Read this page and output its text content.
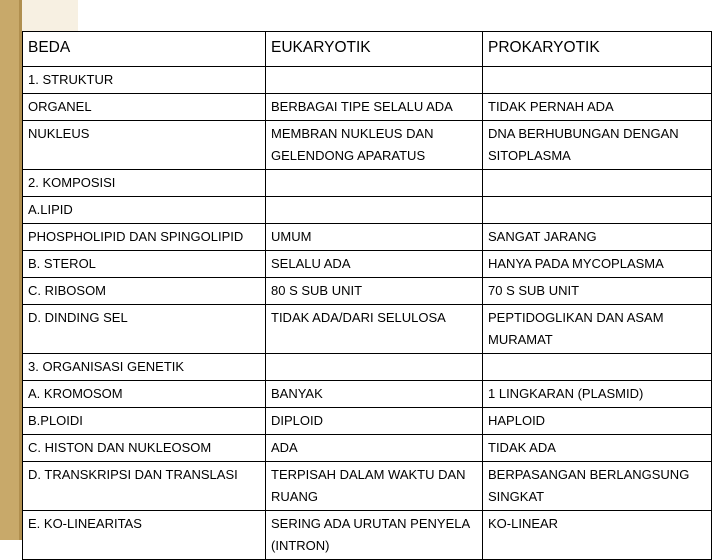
BEDA	EUKARYOTIK	PROKARYOTIK
1. STRUKTUR		
ORGANEL	BERBAGAI TIPE SELALU ADA	TIDAK PERNAH ADA
NUKLEUS	MEMBRAN NUKLEUS DAN GELENDONG APARATUS	DNA BERHUBUNGAN DENGAN SITOPLASMA
2. KOMPOSISI		
A.LIPID		
PHOSPHOLIPID DAN SPINGOLIPID	UMUM	SANGAT JARANG
B. STEROL	SELALU ADA	HANYA PADA MYCOPLASMA
C. RIBOSOM	80 S SUB UNIT	70 S SUB UNIT
D. DINDING SEL	TIDAK ADA/DARI SELULOSA	PEPTIDOGLIKAN DAN ASAM MURAMAT
3. ORGANISASI GENETIK		
A. KROMOSOM	BANYAK	1 LINGKARAN (PLASMID)
B.PLOIDI	DIPLOID	HAPLOID
C. HISTON DAN NUKLEOSOM	ADA	TIDAK ADA
D. TRANSKRIPSI DAN TRANSLASI	TERPISAH DALAM WAKTU DAN RUANG	BERPASANGAN BERLANGSUNG SINGKAT
E. KO-LINEARITAS	SERING ADA URUTAN PENYELA (INTRON)	KO-LINEAR
